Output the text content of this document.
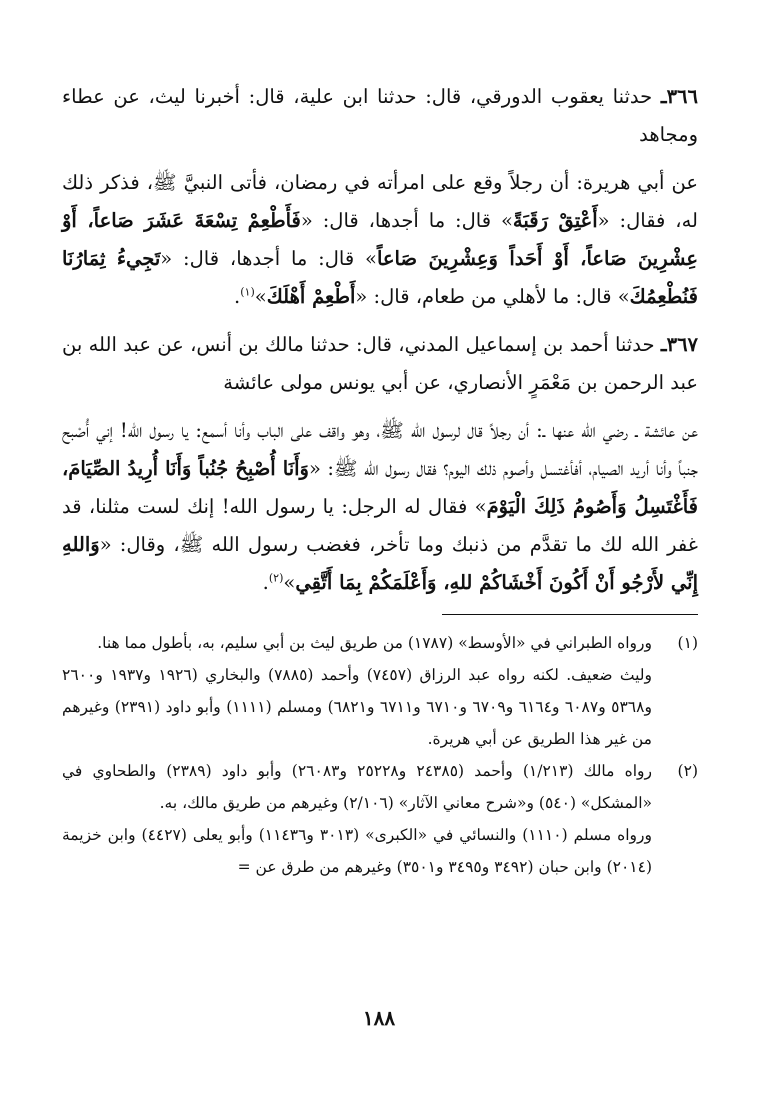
٣٦٦ـ حدثنا يعقوب الدورقي، قال: حدثنا ابن علية، قال: أخبرنا ليث، عن عطاء ومجاهد

عن أبي هريرة: أن رجلاً وقع على امرأته في رمضان، فأتى النبيَّ ﷺ، فذكر ذلك له، فقال: «أَعْتِقْ رَقَبَةً» قال: ما أجدها، قال: «فَأَطْعِمْ تِسْعَةَ عَشَرَ صَاعاً، أَوْ عِشْرِينَ صَاعاً، أَوْ أَحَداً وَعِشْرِينَ صَاعاً» قال: ما أجدها، قال: «تَجِيءُ ثِمَارُنَا فَنُطْعِمُكَ» قال: ما لأهلي من طعام، قال: «أَطْعِمْ أَهْلَكَ»$^{(١)}$.

٣٦٧ـ حدثنا أحمد بن إسماعيل المدني، قال: حدثنا مالك بن أنس، عن عبد الله بن عبد الرحمن بن مَعْمَرٍ الأنصاري، عن أبي يونس مولى عائشة

عن عائشة ـ رضي الله عنها ـ: أن رجلاً قال لرسول الله ﷺ، وهو واقف على الباب وأنا أسمع: يا رسول الله! إني أُصْبح جنباً وأنا أريد الصيام، أفأغتسل وأصوم ذلك اليوم؟ فقال رسول الله ﷺ: «وَأَنَا أُصْبِحُ جُنُباً وَأَنَا أُرِيدُ الصِّيَامَ، فَأَغْتَسِلُ وَأَصُومُ ذَلِكَ الْيَوْمَ» فقال له الرجل: يا رسول الله! إنك لست مثلنا، قد غفر الله لك ما تقدَّم من ذنبك وما تأخر، فغضب رسول الله ﷺ، وقال: «وَاللهِ إِنِّي لأَرْجُو أَنْ أَكُونَ أَخْشَاكُمْ للهِ، وَأَعْلَمَكُمْ بِمَا أَتَّقِي»$^{(٢)}$.

(١)

ورواه الطبراني في «الأوسط» (١٧٨٧) من طريق ليث بن أبي سليم، به، بأطول مما هنا.

وليث ضعيف. لكنه رواه عبد الرزاق (٧٤٥٧) وأحمد (٧٨٨٥) والبخاري (١٩٢٦ و١٩٣٧ و٢٦٠٠ و٥٣٦٨ و٦٠٨٧ و٦١٦٤ و٦٧٠٩ و٦٧١٠ و٦٧١١ و٦٨٢١) ومسلم (١١١١) وأبو داود (٢٣٩١) وغيرهم من غير هذا الطريق عن أبي هريرة.

(٢)

رواه مالك (١/٢١٣) وأحمد (٢٤٣٨٥ و٢٥٢٢٨ و٢٦٠٨٣) وأبو داود (٢٣٨٩) والطحاوي في «المشكل» (٥٤٠) و«شرح معاني الآثار» (٢/١٠٦) وغيرهم من طريق مالك، به.

ورواه مسلم (١١١٠) والنسائي في «الكبرى» (٣٠١٣ و١١٤٣٦) وأبو يعلى (٤٤٢٧) وابن خزيمة (٢٠١٤) وابن حبان (٣٤٩٢ و٣٤٩٥ و٣٥٠١) وغيرهم من طرق عن =

١٨٨
